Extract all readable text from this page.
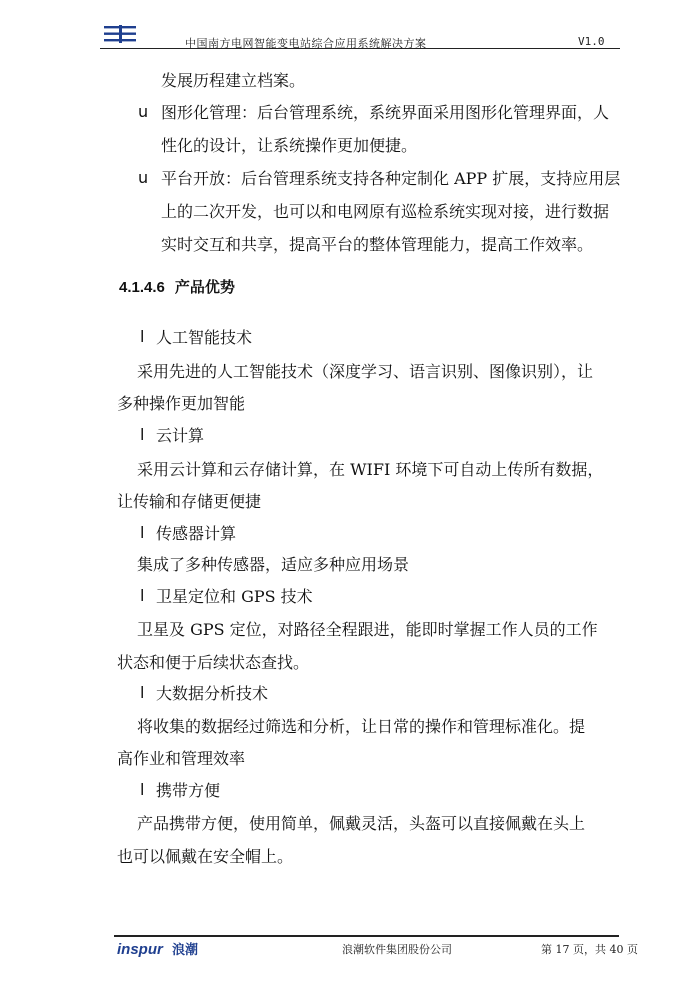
中国南方电网智能变电站综合应用系统解决方案	V1.0
发展历程建立档案。
u 图形化管理：后台管理系统，系统界面采用图形化管理界面，人
性化的设计，让系统操作更加便捷。
u 平台开放：后台管理系统支持各种定制化 APP 扩展，支持应用层
上的二次开发，也可以和电网原有巡检系统实现对接，进行数据
实时交互和共享，提高平台的整体管理能力，提高工作效率。
4.1.4.6 产品优势
l 人工智能技术
采用先进的人工智能技术（深度学习、语言识别、图像识别），让
多种操作更加智能
l 云计算
采用云计算和云存储计算，在 WIFI 环境下可自动上传所有数据，
让传输和存储更便捷
l 传感器计算
集成了多种传感器，适应多种应用场景
l 卫星定位和 GPS 技术
卫星及 GPS 定位，对路径全程跟进，能即时掌握工作人员的工作
状态和便于后续状态查找。
l 大数据分析技术
将收集的数据经过筛选和分析，让日常的操作和管理标准化。提
高作业和管理效率
l 携带方便
产品携带方便，使用简单，佩戴灵活，头盔可以直接佩戴在头上
也可以佩戴在安全帽上。
inspur 浪潮	浪潮软件集团股份公司	第 17 页，共 40 页
